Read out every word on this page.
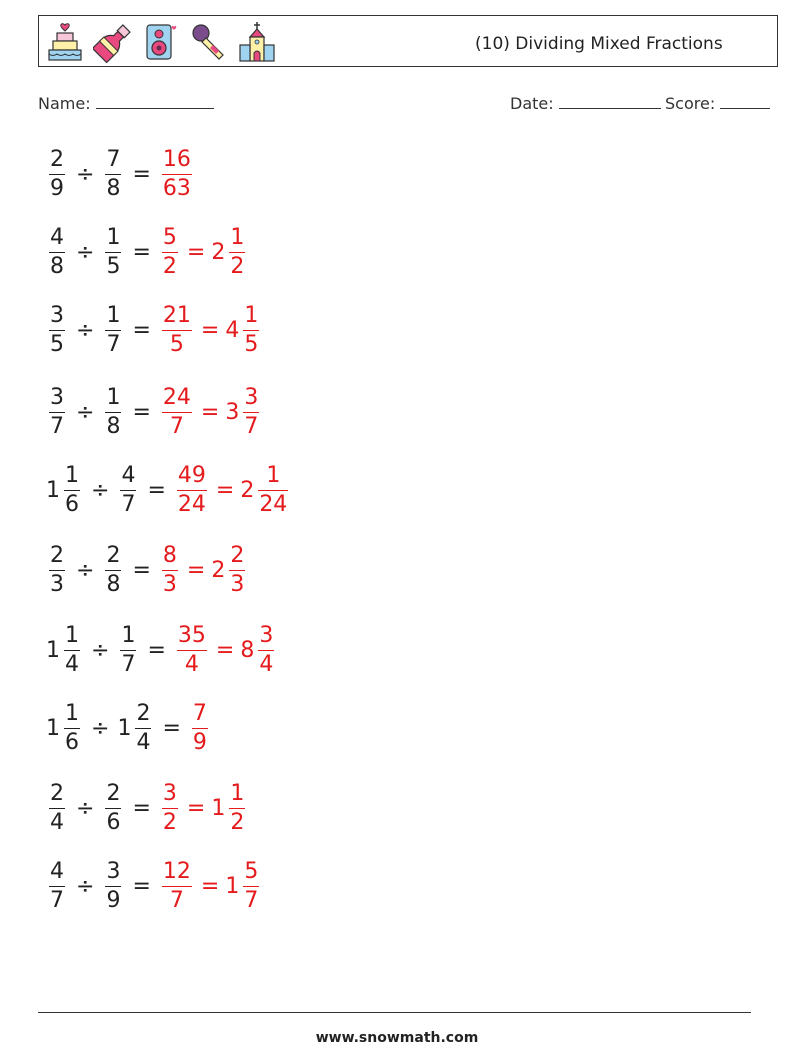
(10) Dividing Mixed Fractions
Name:	Date:	Score:
$\frac{2}{9} \div \frac{7}{8} = \frac{16}{63}$
$\frac{4}{8} \div \frac{1}{5} = \frac{5}{2} = 2 \frac{1}{2}$
$\frac{3}{5} \div \frac{1}{7} = \frac{21}{5} = 4 \frac{1}{5}$
$\frac{3}{7} \div \frac{1}{8} = \frac{24}{7} = 3 \frac{3}{7}$
$1 \frac{1}{6} \div \frac{4}{7} = \frac{49}{24} = 2 \frac{1}{24}$
$\frac{2}{3} \div \frac{2}{8} = \frac{8}{3} = 2 \frac{2}{3}$
$1 \frac{1}{4} \div \frac{1}{7} = \frac{35}{4} = 8 \frac{3}{4}$
$1 \frac{1}{6} \div 1 \frac{2}{4} = \frac{7}{9}$
$\frac{2}{4} \div \frac{2}{6} = \frac{3}{2} = 1 \frac{1}{2}$
$\frac{4}{7} \div \frac{3}{9} = \frac{12}{7} = 1 \frac{5}{7}$
www.snowmath.com
